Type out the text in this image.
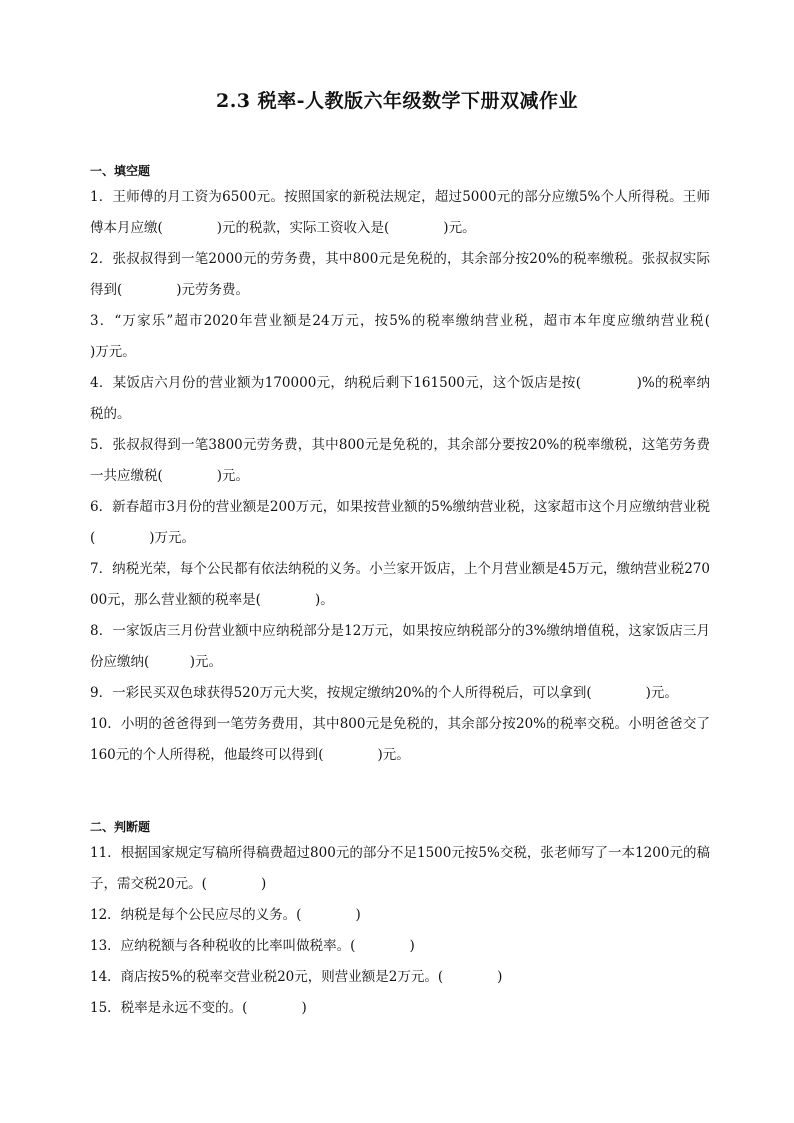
2.3 税率-人教版六年级数学下册双减作业
一、填空题
1．王师傅的月工资为6500元。按照国家的新税法规定，超过5000元的部分应缴5%个人所得税。王师傅本月应缴(　　　　)元的税款，实际工资收入是(　　　　)元。
2．张叔叔得到一笔2000元的劳务费，其中800元是免税的，其余部分按20%的税率缴税。张叔叔实际得到(　　　　)元劳务费。
3．“万家乐”超市2020年营业额是24万元，按5%的税率缴纳营业税，超市本年度应缴纳营业税(　　　　)万元。
4．某饭店六月份的营业额为170000元，纳税后剩下161500元，这个饭店是按(　　　　)%的税率纳税的。
5．张叔叔得到一笔3800元劳务费，其中800元是免税的，其余部分要按20%的税率缴税，这笔劳务费一共应缴税(　　　　)元。
6．新春超市3月份的营业额是200万元，如果按营业额的5%缴纳营业税，这家超市这个月应缴纳营业税(　　　　)万元。
7．纳税光荣，每个公民都有依法纳税的义务。小兰家开饭店，上个月营业额是45万元，缴纳营业税27000元，那么营业额的税率是(　　　　)。
8．一家饭店三月份营业额中应纳税部分是12万元，如果按应纳税部分的3%缴纳增值税，这家饭店三月份应缴纳(　　　)元。
9．一彩民买双色球获得520万元大奖，按规定缴纳20%的个人所得税后，可以拿到(　　　　)元。
10．小明的爸爸得到一笔劳务费用，其中800元是免税的，其余部分按20%的税率交税。小明爸爸交了160元的个人所得税，他最终可以得到(　　　　)元。
二、判断题
11．根据国家规定写稿所得稿费超过800元的部分不足1500元按5%交税，张老师写了一本1200元的稿子，需交税20元。(　　　　)
12．纳税是每个公民应尽的义务。(　　　　)
13．应纳税额与各种税收的比率叫做税率。(　　　　)
14．商店按5%的税率交营业税20元，则营业额是2万元。(　　　　)
15．税率是永远不变的。(　　　　)
